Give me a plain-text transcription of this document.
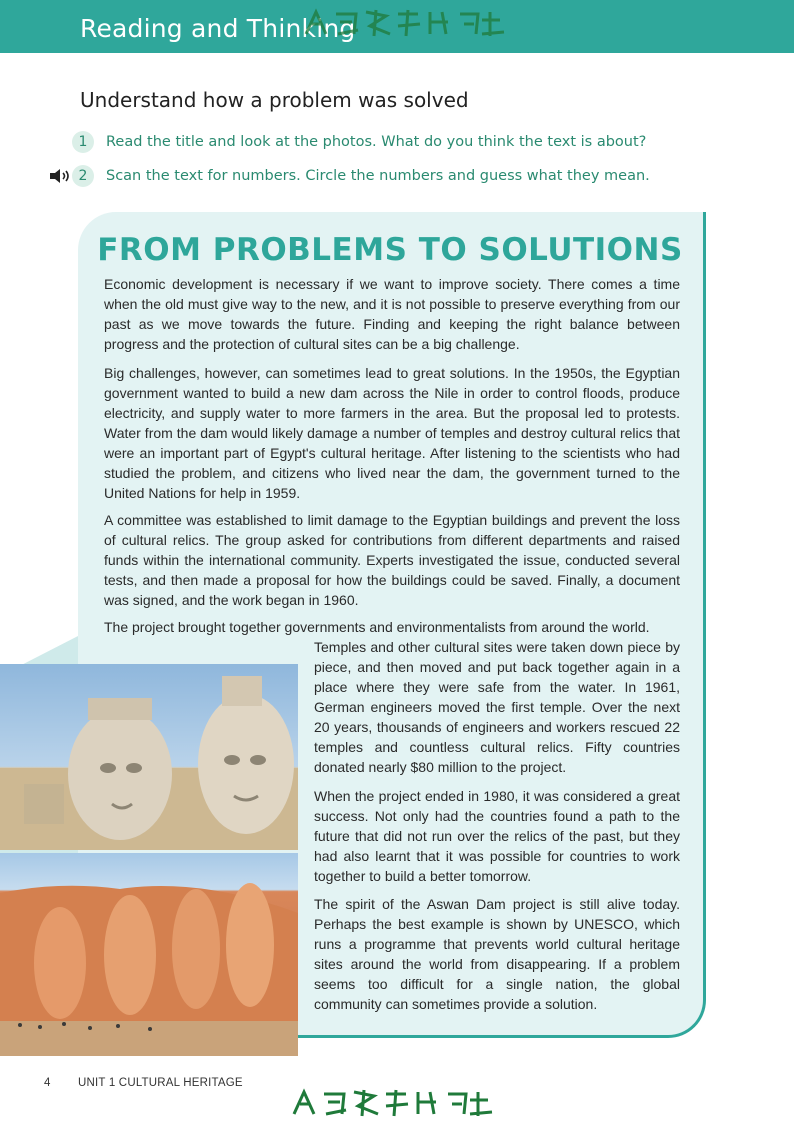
Reading and Thinking
Understand how a problem was solved
1	Read the title and look at the photos. What do you think the text is about?
2	Scan the text for numbers. Circle the numbers and guess what they mean.
FROM PROBLEMS TO SOLUTIONS

Economic development is necessary if we want to improve society. There comes a time when the old must give way to the new, and it is not possible to preserve everything from our past as we move towards the future. Finding and keeping the right balance between progress and the protection of cultural sites can be a big challenge.

Big challenges, however, can sometimes lead to great solutions. In the 1950s, the Egyptian government wanted to build a new dam across the Nile in order to control floods, produce electricity, and supply water to more farmers in the area. But the proposal led to protests. Water from the dam would likely damage a number of temples and destroy cultural relics that were an important part of Egypt's cultural heritage. After listening to the scientists who had studied the problem, and citizens who lived near the dam, the government turned to the United Nations for help in 1959.

A committee was established to limit damage to the Egyptian buildings and prevent the loss of cultural relics. The group asked for contributions from different departments and raised funds within the international community. Experts investigated the issue, conducted several tests, and then made a proposal for how the buildings could be saved. Finally, a document was signed, and the work began in 1960.

The project brought together governments and environmentalists from around the world.

Temples and other cultural sites were taken down piece by piece, and then moved and put back together again in a place where they were safe from the water. In 1961, German engineers moved the first temple. Over the next 20 years, thousands of engineers and workers rescued 22 temples and countless cultural relics. Fifty countries donated nearly $80 million to the project.

When the project ended in 1980, it was considered a great success. Not only had the countries found a path to the future that did not run over the relics of the past, but they had also learnt that it was possible for countries to work together to build a better tomorrow.

The spirit of the Aswan Dam project is still alive today. Perhaps the best example is shown by UNESCO, which runs a programme that prevents world cultural heritage sites around the world from disappearing. If a problem seems too difficult for a single nation, the global community can sometimes provide a solution.

4 UNIT 1 CULTURAL HERITAGE
